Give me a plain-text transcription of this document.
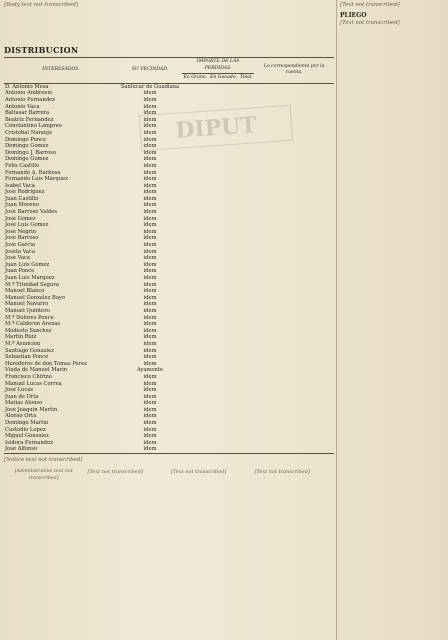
DIPUT

[Body text not transcribed]

DISTRIBUCION
INTERESADOS.	SU VECINDAD.	IMPORTE DE LAS PERDIDAS.			Lo correspondiente por la cuenta.
		En Grano.	En Ganado.	Total.	
D. Antonio Mesa	Sanlúcar de Guadiana				
Antonio Ambrosio	idem				
Antonio Fernandez	idem				
Antonio Vaca	idem				
Baltasar Barrera	idem				
Beatriz Fernandez	idem				
Constantino Lampreo	idem				
Cristóbal Naranjo	idem				
Domingo Ponce	idem				
Domingo Gomez	idem				
Domingo J. Barroso	idem				
Domingo Gomez	idem				
Félix Castillo	idem				
Fernando A. Barbosa	idem				
Fernando Luis Márquez	idem				
Isabel Vaca	idem				
José Rodriguez	idem				
Juan Castillo	idem				
Juan Moreno	idem				
José Barroso Valdes	idem				
José Gómez	idem				
José Luis Gomez	idem				
José Negrin	idem				
José Barroso	idem				
José García	idem				
Josefa Vaca	idem				
José Vaca	idem				
Juan Luis Gómez	idem				
Juan Ponce	idem				
Juan Luis Márquez	idem				
M.ª Trinidad Segura	idem				
Manuel Blanco	idem				
Manuel Gonzalez Bayo	idem				
Manuel Navarro	idem				
Manuel Quintero	idem				
M.ª Dolores Ponce	idem				
M.ª Calderon Arenas	idem				
Modesto Sanchez	idem				
Martin Ruiz	idem				
M.ª Asuncion	idem				
Santiago Gonzalez	idem				
Sebastian Ponce	idem				
Herederos de don Tomas Perez	idem				
Viuda de Manuel Marin	Ayamonte				
Francisco Chirino	idem				
Manuel Lucas Correa	idem				
José Lucas	idem				
Juan de Orta	idem				
Matias Alonso	idem				
José Joaquin Martin	idem				
Alonso Orta	idem				
Domingo Martin	idem				
Custodio Lopez	idem				
Miguel Gonzalez	idem				
Isidora Fernandez	idem				
José Alfonso	idem				

[Notice text not transcribed]

[Administrative text not transcribed]
[Text not transcribed]	[Text not transcribed]	[Text not transcribed]

[Text not transcribed]

PLIEGO

[Text not transcribed]
